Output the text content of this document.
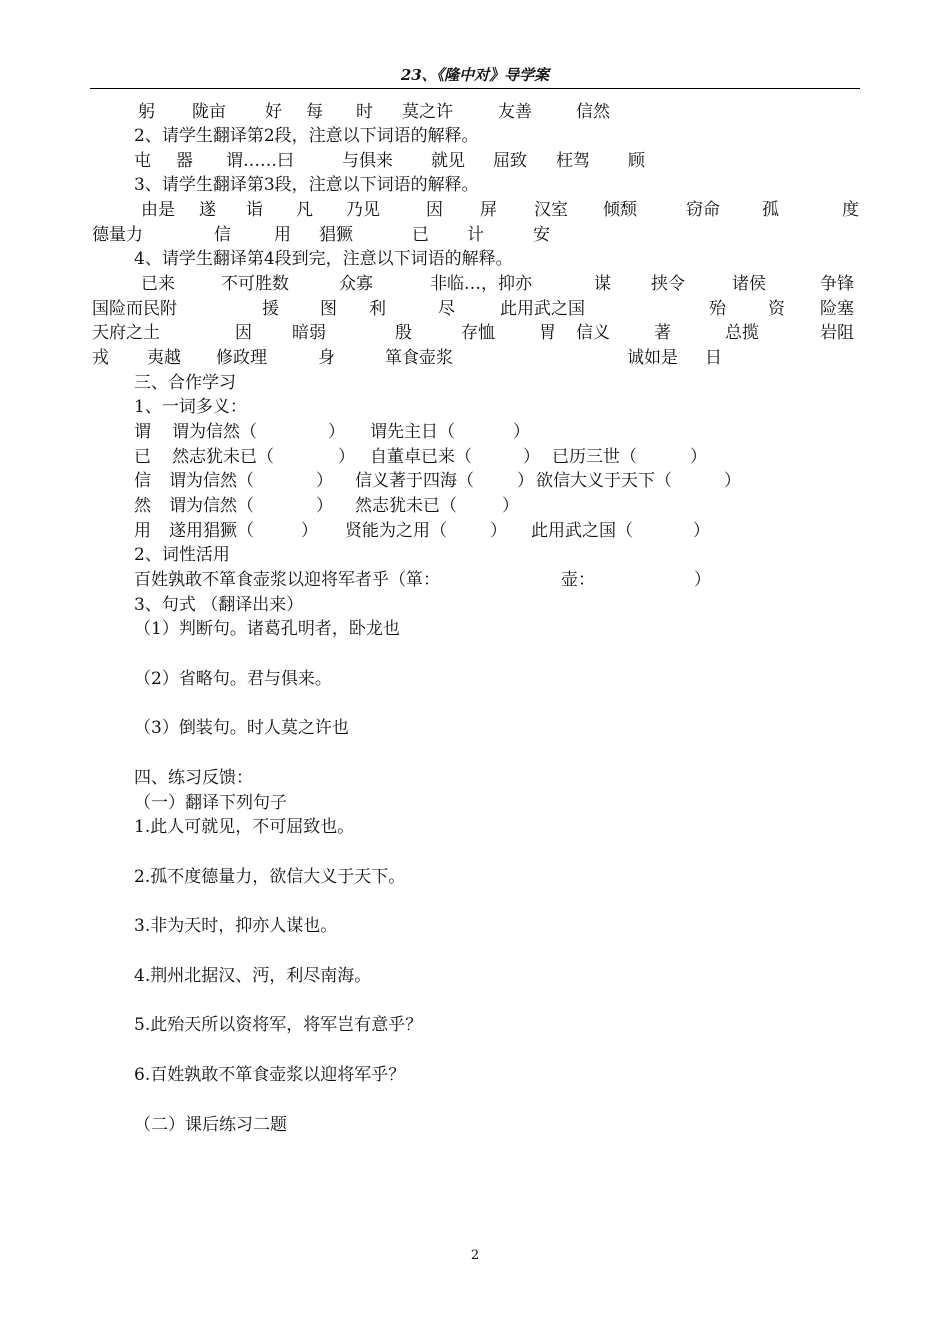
23、《隆中对》导学案
躬 陇亩 好 每 时 莫之许	友善	信然
2、请学生翻译第2段，注意以下词语的解释。
屯 器 谓……曰	与俱来 就见 屈致 枉驾 顾
3、请学生翻译第3段，注意以下词语的解释。
由是 遂 诣 凡 乃见	因 屏 汉室 倾颓	窃命 孤	度
德量力	信	用 猖獗	已 计	安
4、请学生翻译第4段到完，注意以下词语的解释。
已来	不可胜数	众寡	非临…，抑亦	谋 挟令	诸侯	争锋
国险而民附	援 图 利	尽	此用武之国	殆 资 险塞
天府之土	因 暗弱	殷	存恤	胃 信义	著	总揽	岩阻
戎 夷越 修政理	身	箪食壶浆	诚如是 日
三、合作学习
1、一词多义：
谓 谓为信然（	） 谓先主日（	）
已 然志犹未已（	） 自董卓已来（	） 已历三世（	）
信 谓为信然（	） 信义著于四海（	） 欲信大义于天下（	）
然 谓为信然（	） 然志犹未已（	）
用 遂用猖獗（	） 贤能为之用（	） 此用武之国（	）
2、词性活用
百姓孰敢不箪食壶浆以迎将军者乎（箪：	壶：	）
3、句式 （翻译出来）
（1）判断句。诸葛孔明者，卧龙也
（2）省略句。君与俱来。
（3）倒装句。时人莫之许也
四、练习反馈：
（一）翻译下列句子
1.此人可就见，不可屈致也。
2.孤不度德量力，欲信大义于天下。
3.非为天时，抑亦人谋也。
4.荆州北据汉、沔，利尽南海。
5.此殆天所以资将军，将军岂有意乎？
6.百姓孰敢不箪食壶浆以迎将军乎？
（二）课后练习二题
2
